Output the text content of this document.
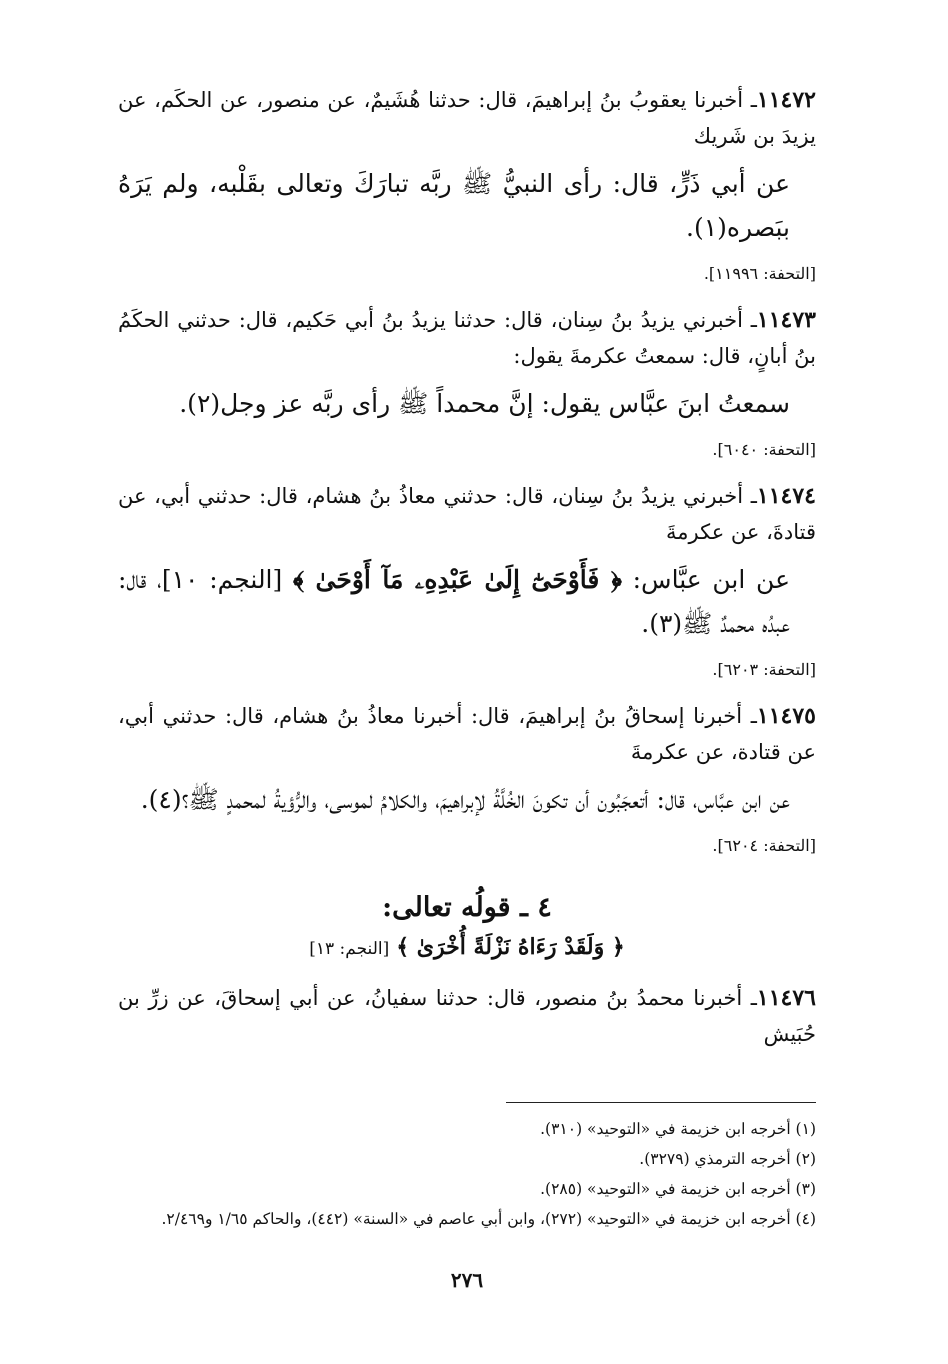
١١٤٧٢ـ أخبرنا يعقوبُ بنُ إبراهيمَ، قال: حدثنا هُشَيمٌ، عن منصور، عن الحكَم، عن يزيدَ بن شَريك

عن أبي ذَرٍّ، قال: رأى النبيُّ ﷺ ربَّه تبارَكَ وتعالى بقَلْبه، ولم يَرَهُ ببَصره(١).

[التحفة: ١١٩٩٦].

١١٤٧٣ـ أخبرني يزيدُ بنُ سِنان، قال: حدثنا يزيدُ بنُ أبي حَكيم، قال: حدثني الحكَمُ بنُ أبانٍ، قال: سمعتُ عكرمةَ يقول:

سمعتُ ابنَ عبَّاس يقول: إنَّ محمداً ﷺ رأى ربَّه عز وجل(٢).

[التحفة: ٦٠٤٠].

١١٤٧٤ـ أخبرني يزيدُ بنُ سِنان، قال: حدثني معاذُ بنُ هشام، قال: حدثني أبي، عن قتادةَ، عن عكرمةَ

عن ابن عبَّاس: ﴿ فَأَوْحَىٰٓ إِلَىٰ عَبْدِهِۦ مَآ أَوْحَىٰ ﴾ [النجم: ١٠]، قال: عبدُه محمدٌ ﷺ(٣).

[التحفة: ٦٢٠٣].

١١٤٧٥ـ أخبرنا إسحاقُ بنُ إبراهيمَ، قال: أخبرنا معاذُ بنُ هشام، قال: حدثني أبي، عن قتادة، عن عكرمةَ

عن ابن عبَّاس، قال: أتعجَبُون أن تكونَ الخُلَّةُ لإبراهيمَ، والكلامُ لموسى، والرُّؤيةُ لمحمدٍ ﷺ؟(٤).

[التحفة: ٦٢٠٤].

٤ ـ قولُه تعالى:
﴿ وَلَقَدْ رَءَاهُ نَزْلَةً أُخْرَىٰ ﴾ [النجم: ١٣]

١١٤٧٦ـ أخبرنا محمدُ بنُ منصور، قال: حدثنا سفيانُ، عن أبي إسحاقَ، عن زرِّ بن حُبَيش

(١) أخرجه ابن خزيمة في «التوحيد» (٣١٠).

(٢) أخرجه الترمذي (٣٢٧٩).

(٣) أخرجه ابن خزيمة في «التوحيد» (٢٨٥).

(٤) أخرجه ابن خزيمة في «التوحيد» (٢٧٢)، وابن أبي عاصم في «السنة» (٤٤٢)، والحاكم ١/٦٥ و٢/٤٦٩.

٢٧٦
